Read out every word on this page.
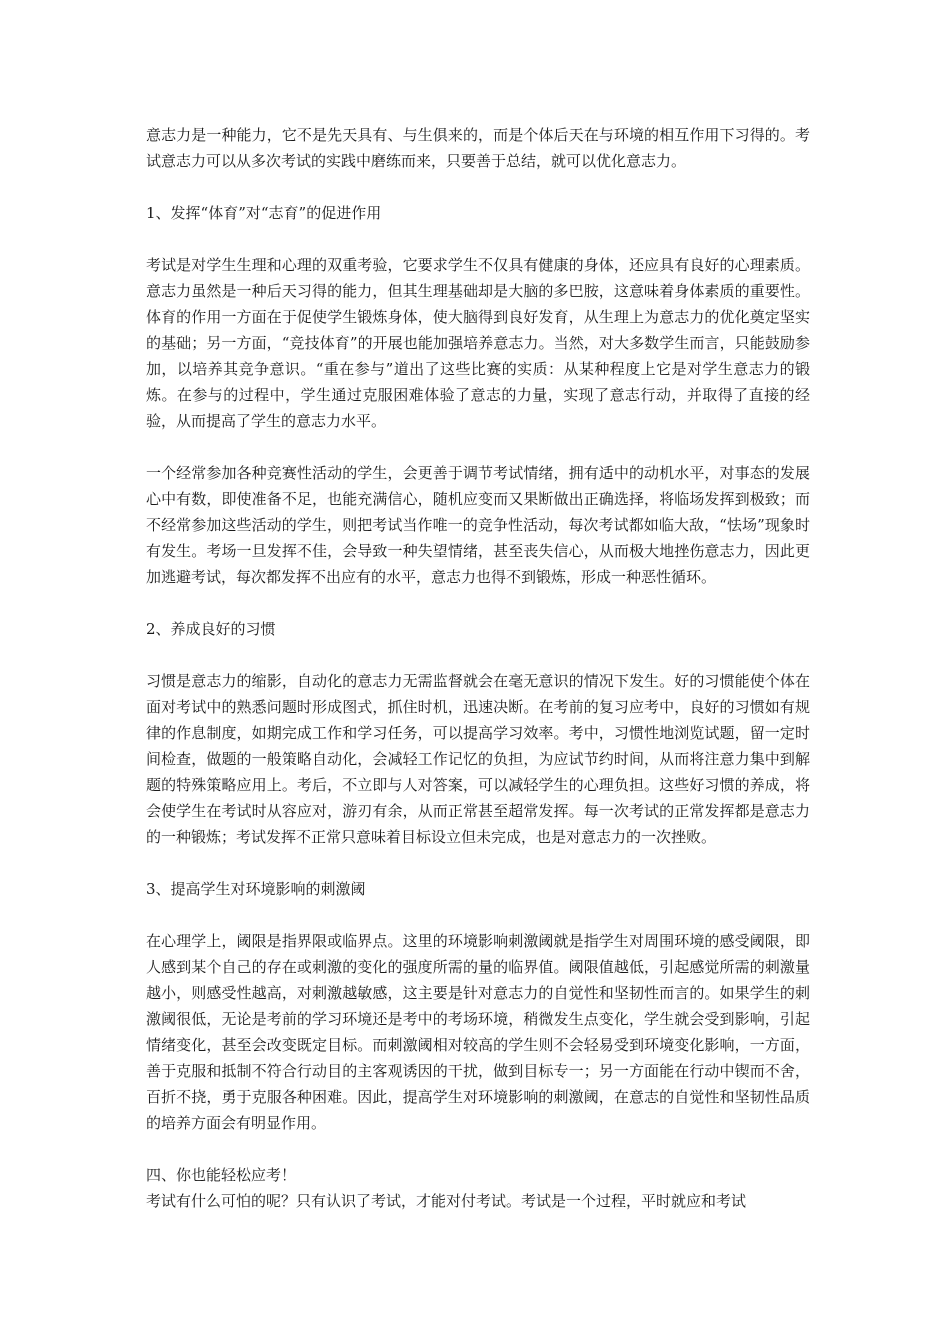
意志力是一种能力，它不是先天具有、与生俱来的，而是个体后天在与环境的相互作用下习得的。考试意志力可以从多次考试的实践中磨练而来，只要善于总结，就可以优化意志力。

1、发挥“体育”对“志育”的促进作用

考试是对学生生理和心理的双重考验，它要求学生不仅具有健康的身体，还应具有良好的心理素质。意志力虽然是一种后天习得的能力，但其生理基础却是大脑的多巴胺，这意味着身体素质的重要性。体育的作用一方面在于促使学生锻炼身体，使大脑得到良好发育，从生理上为意志力的优化奠定坚实的基础；另一方面，“竞技体育”的开展也能加强培养意志力。当然，对大多数学生而言，只能鼓励参加，以培养其竞争意识。“重在参与”道出了这些比赛的实质：从某种程度上它是对学生意志力的锻炼。在参与的过程中，学生通过克服困难体验了意志的力量，实现了意志行动，并取得了直接的经验，从而提高了学生的意志力水平。

一个经常参加各种竞赛性活动的学生，会更善于调节考试情绪，拥有适中的动机水平，对事态的发展心中有数，即使准备不足，也能充满信心，随机应变而又果断做出正确选择，将临场发挥到极致；而不经常参加这些活动的学生，则把考试当作唯一的竞争性活动，每次考试都如临大敌，“怯场”现象时有发生。考场一旦发挥不佳，会导致一种失望情绪，甚至丧失信心，从而极大地挫伤意志力，因此更加逃避考试，每次都发挥不出应有的水平，意志力也得不到锻炼，形成一种恶性循环。

2、养成良好的习惯

习惯是意志力的缩影，自动化的意志力无需监督就会在毫无意识的情况下发生。好的习惯能使个体在面对考试中的熟悉问题时形成图式，抓住时机，迅速决断。在考前的复习应考中，良好的习惯如有规律的作息制度，如期完成工作和学习任务，可以提高学习效率。考中，习惯性地浏览试题，留一定时间检查，做题的一般策略自动化，会减轻工作记忆的负担，为应试节约时间，从而将注意力集中到解题的特殊策略应用上。考后，不立即与人对答案，可以减轻学生的心理负担。这些好习惯的养成，将会使学生在考试时从容应对，游刃有余，从而正常甚至超常发挥。每一次考试的正常发挥都是意志力的一种锻炼；考试发挥不正常只意味着目标设立但未完成，也是对意志力的一次挫败。

3、提高学生对环境影响的刺激阈

在心理学上，阈限是指界限或临界点。这里的环境影响刺激阈就是指学生对周围环境的感受阈限，即人感到某个自己的存在或刺激的变化的强度所需的量的临界值。阈限值越低，引起感觉所需的刺激量越小，则感受性越高，对刺激越敏感，这主要是针对意志力的自觉性和坚韧性而言的。如果学生的刺激阈很低，无论是考前的学习环境还是考中的考场环境，稍微发生点变化，学生就会受到影响，引起情绪变化，甚至会改变既定目标。而刺激阈相对较高的学生则不会轻易受到环境变化影响，一方面，善于克服和抵制不符合行动目的主客观诱因的干扰，做到目标专一；另一方面能在行动中锲而不舍，百折不挠，勇于克服各种困难。因此，提高学生对环境影响的刺激阈，在意志的自觉性和坚韧性品质的培养方面会有明显作用。

四、你也能轻松应考！

考试有什么可怕的呢？只有认识了考试，才能对付考试。考试是一个过程，平时就应和考试
